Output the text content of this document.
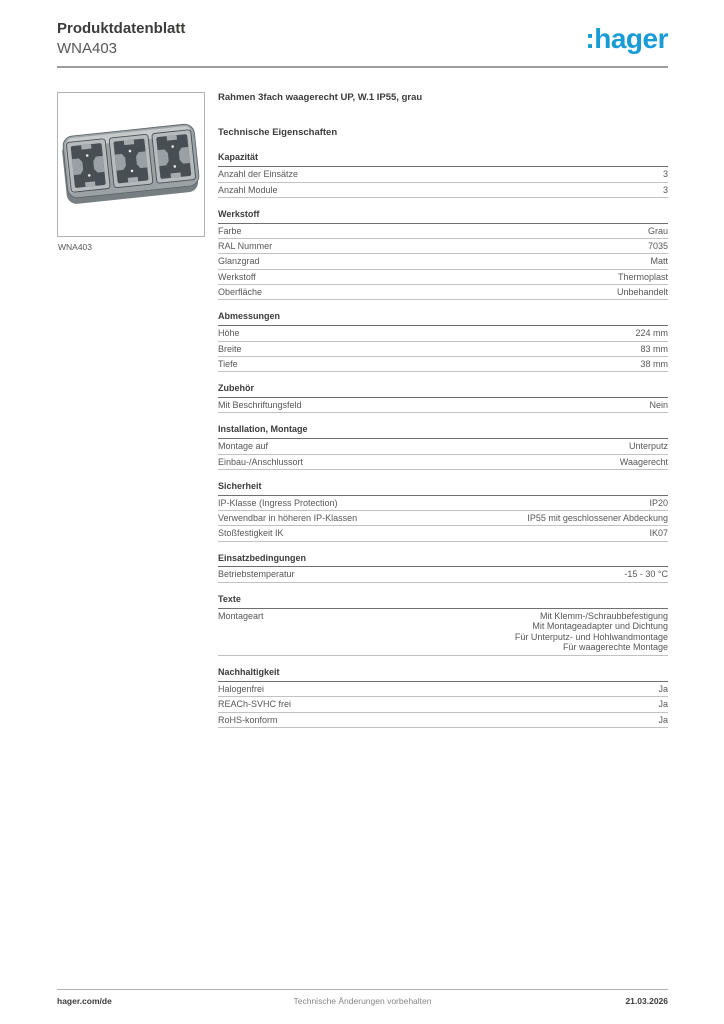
Produktdatenblatt
WNA403	:hager
WNA403
Rahmen 3fach waagerecht UP, W.1 IP55, grau
Technische Eigenschaften
Kapazität
Anzahl der Einsätze	3
Anzahl Module	3
Werkstoff
Farbe	Grau
RAL Nummer	7035
Glanzgrad	Matt
Werkstoff	Thermoplast
Oberfläche	Unbehandelt
Abmessungen
Höhe	224 mm
Breite	83 mm
Tiefe	38 mm
Zubehör
Mit Beschriftungsfeld	Nein
Installation, Montage
Montage auf	Unterputz
Einbau-/Anschlussort	Waagerecht
Sicherheit
IP-Klasse (Ingress Protection)	IP20
Verwendbar in höheren IP-Klassen	IP55 mit geschlossener Abdeckung
Stoßfestigkeit IK	IK07
Einsatzbedingungen
Betriebstemperatur	-15 - 30 °C
Texte
Montageart	Mit Klemm-/Schraubbefestigung
Mit Montageadapter und Dichtung
Für Unterputz- und Hohlwandmontage
Für waagerechte Montage
Nachhaltigkeit
Halogenfrei	Ja
REACh-SVHC frei	Ja
RoHS-konform	Ja
hager.com/de	Technische Änderungen vorbehalten	21.03.2026
